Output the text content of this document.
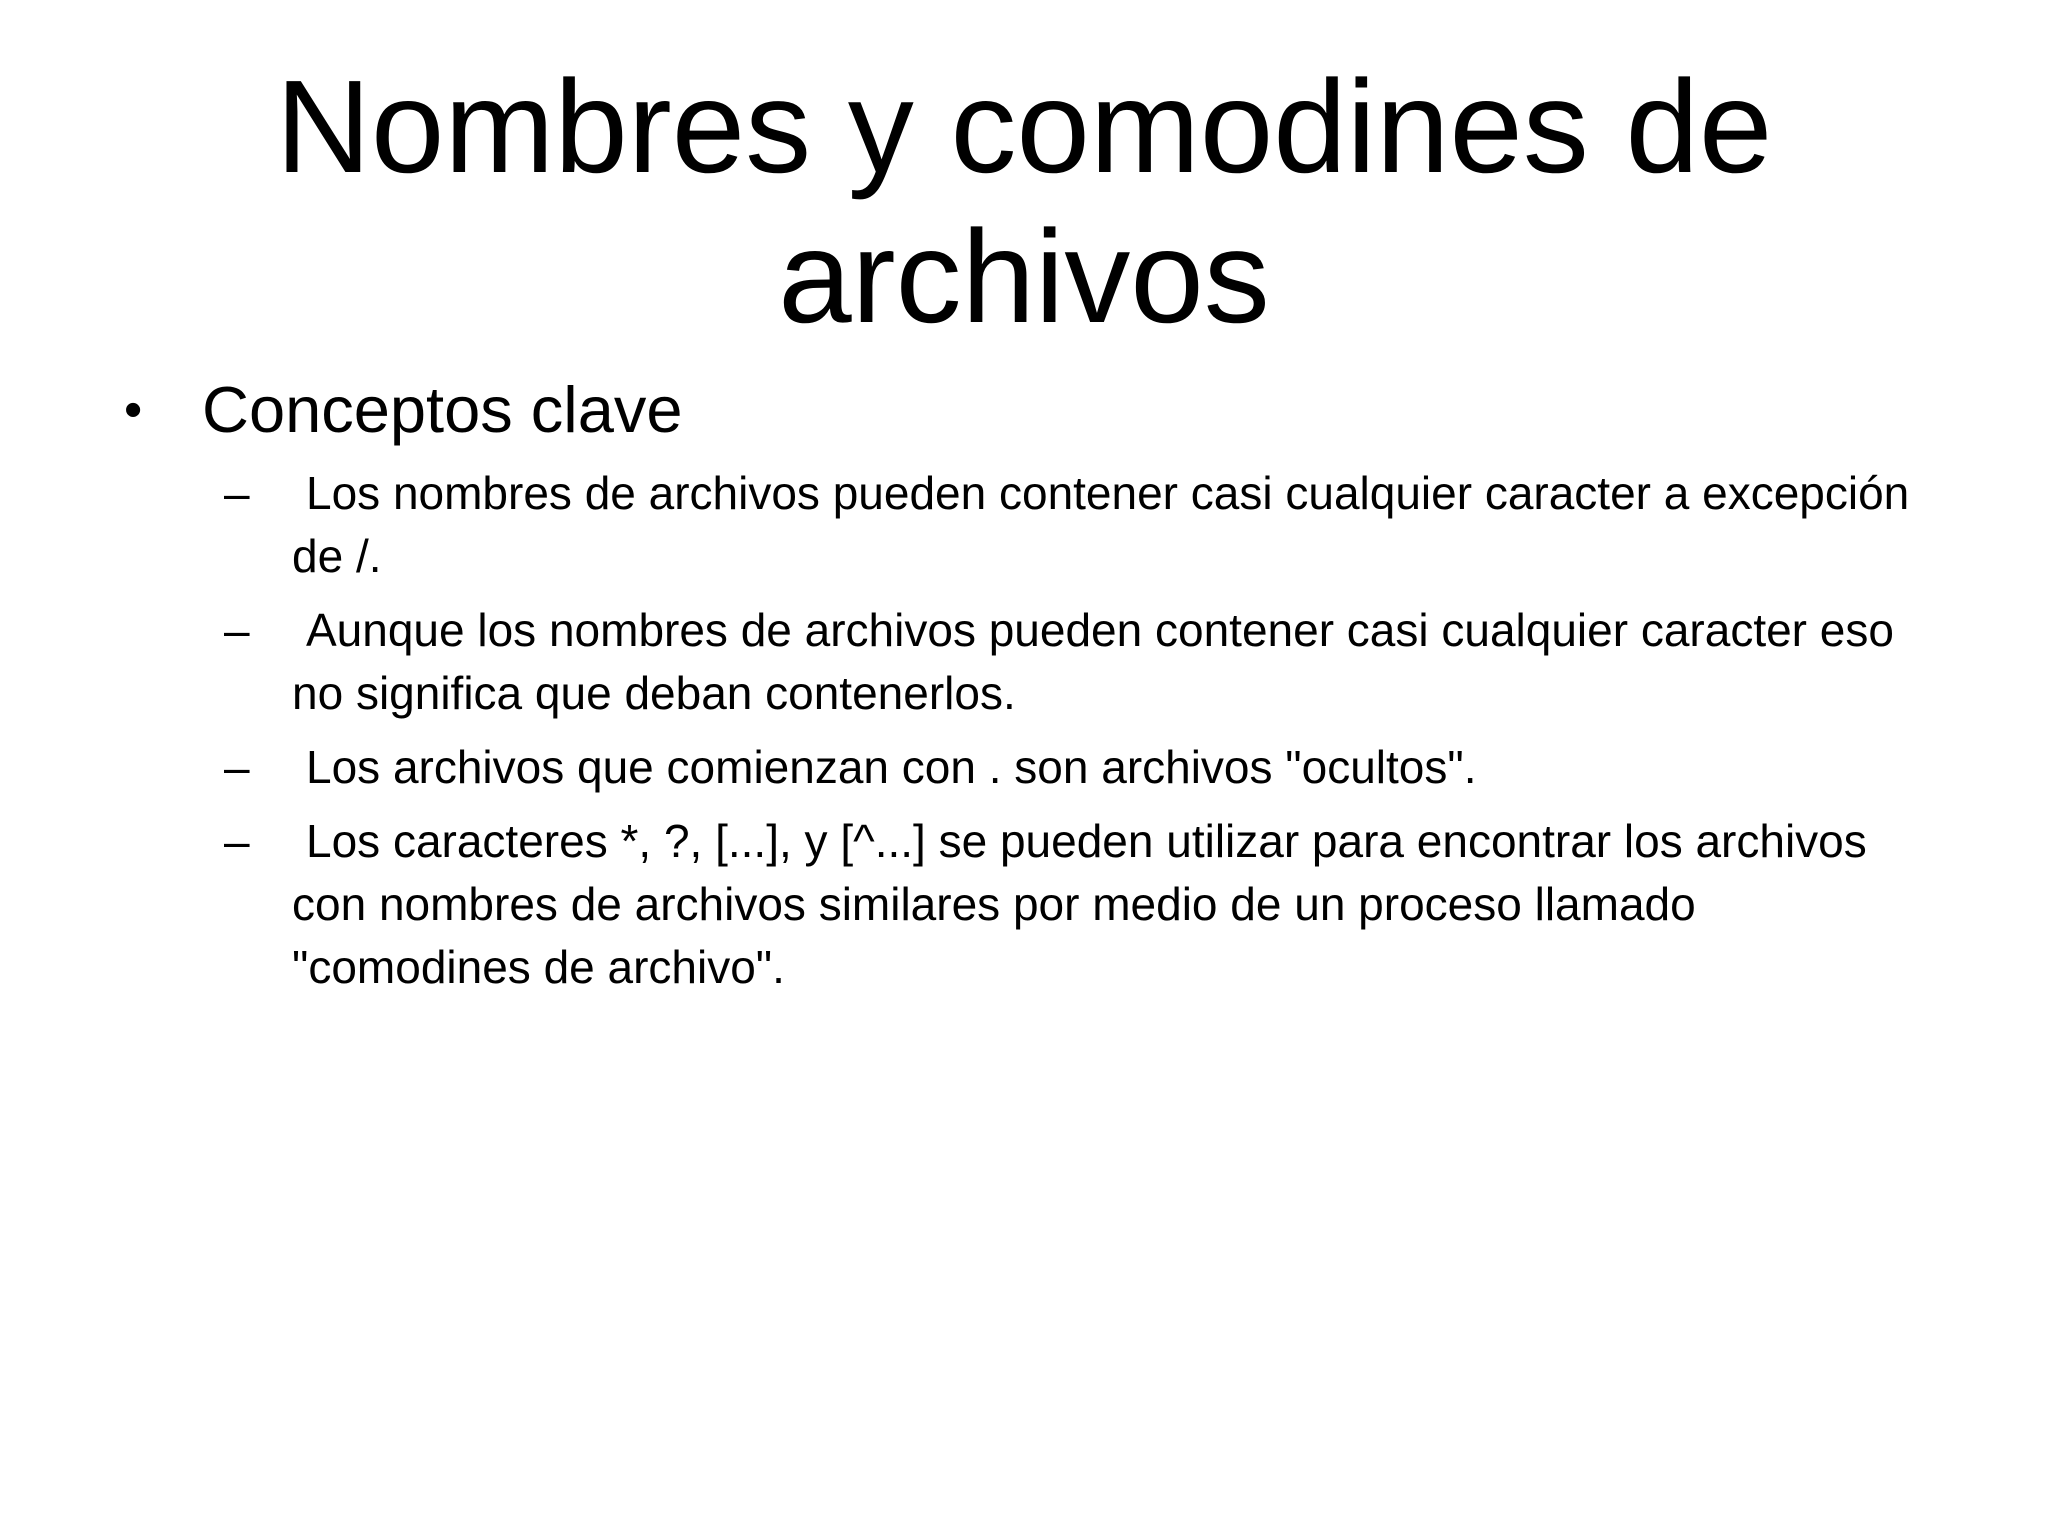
Nombres y comodines de archivos
• Conceptos clave
–	Los nombres de archivos pueden contener casi cualquier caracter a excepción de /.
–	Aunque los nombres de archivos pueden contener casi cualquier caracter eso no significa que deban contenerlos.
–	Los archivos que comienzan con . son archivos "ocultos".
–	Los caracteres *, ?, [...], y [^...] se pueden utilizar para encontrar los archivos con nombres de archivos similares por medio de un proceso llamado "comodines de archivo".
